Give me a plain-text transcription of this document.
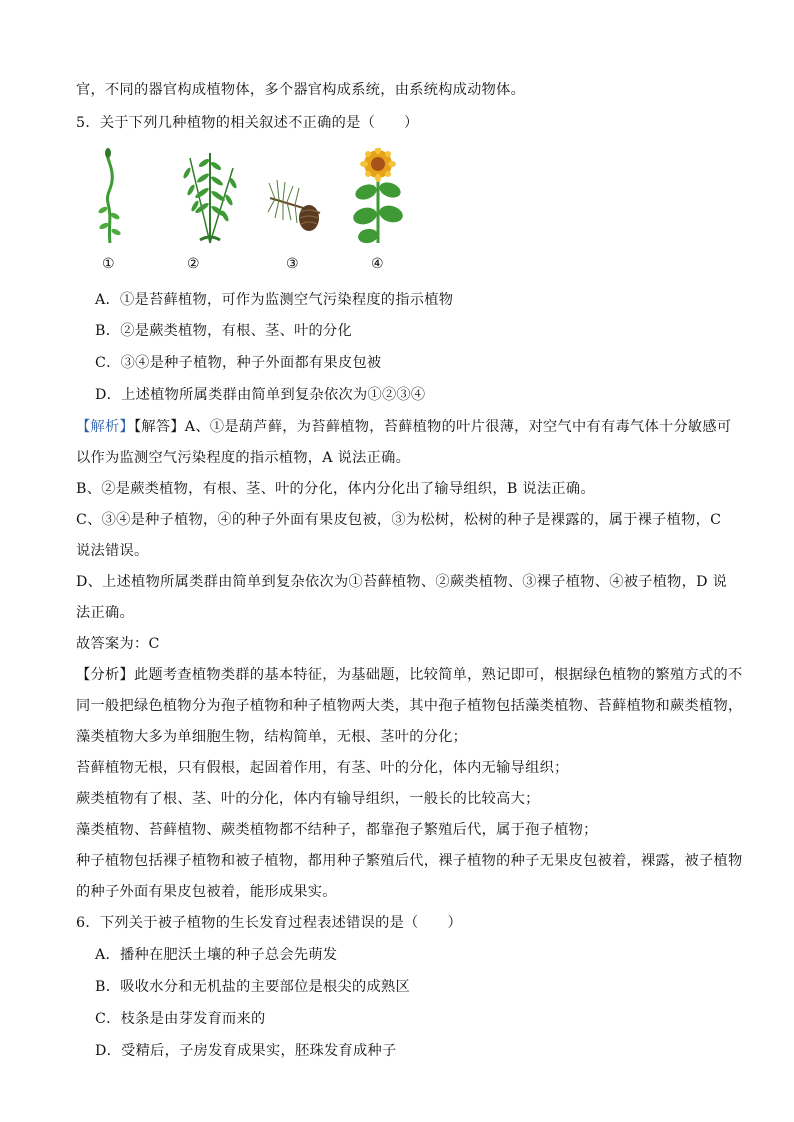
官，不同的器官构成植物体，多个器官构成系统，由系统构成动物体。
5．关于下列几种植物的相关叙述不正确的是（　　）
①	②	③	④
A．①是苔藓植物，可作为监测空气污染程度的指示植物
B．②是蕨类植物，有根、茎、叶的分化
C．③④是种子植物，种子外面都有果皮包被
D．上述植物所属类群由简单到复杂依次为①②③④
【解析】【解答】A、①是葫芦藓，为苔藓植物，苔藓植物的叶片很薄，对空气中有有毒气体十分敏感可
以作为监测空气污染程度的指示植物，A 说法正确。
B、②是蕨类植物，有根、茎、叶的分化，体内分化出了输导组织，B 说法正确。
C、③④是种子植物，④的种子外面有果皮包被，③为松树，松树的种子是裸露的，属于裸子植物，C
说法错误。
D、上述植物所属类群由简单到复杂依次为①苔藓植物、②蕨类植物、③裸子植物、④被子植物，D 说
法正确。
故答案为：C
【分析】此题考查植物类群的基本特征，为基础题，比较简单，熟记即可，根据绿色植物的繁殖方式的不
同一般把绿色植物分为孢子植物和种子植物两大类，其中孢子植物包括藻类植物、苔藓植物和蕨类植物，
藻类植物大多为单细胞生物，结构简单，无根、茎叶的分化；
苔藓植物无根，只有假根，起固着作用，有茎、叶的分化，体内无输导组织；
蕨类植物有了根、茎、叶的分化，体内有输导组织，一般长的比较高大；
藻类植物、苔藓植物、蕨类植物都不结种子，都靠孢子繁殖后代，属于孢子植物；
种子植物包括裸子植物和被子植物，都用种子繁殖后代，裸子植物的种子无果皮包被着，裸露，被子植物
的种子外面有果皮包被着，能形成果实。
6．下列关于被子植物的生长发育过程表述错误的是（　　）
A．播种在肥沃土壤的种子总会先萌发
B．吸收水分和无机盐的主要部位是根尖的成熟区
C．枝条是由芽发育而来的
D．受精后，子房发育成果实，胚珠发育成种子
